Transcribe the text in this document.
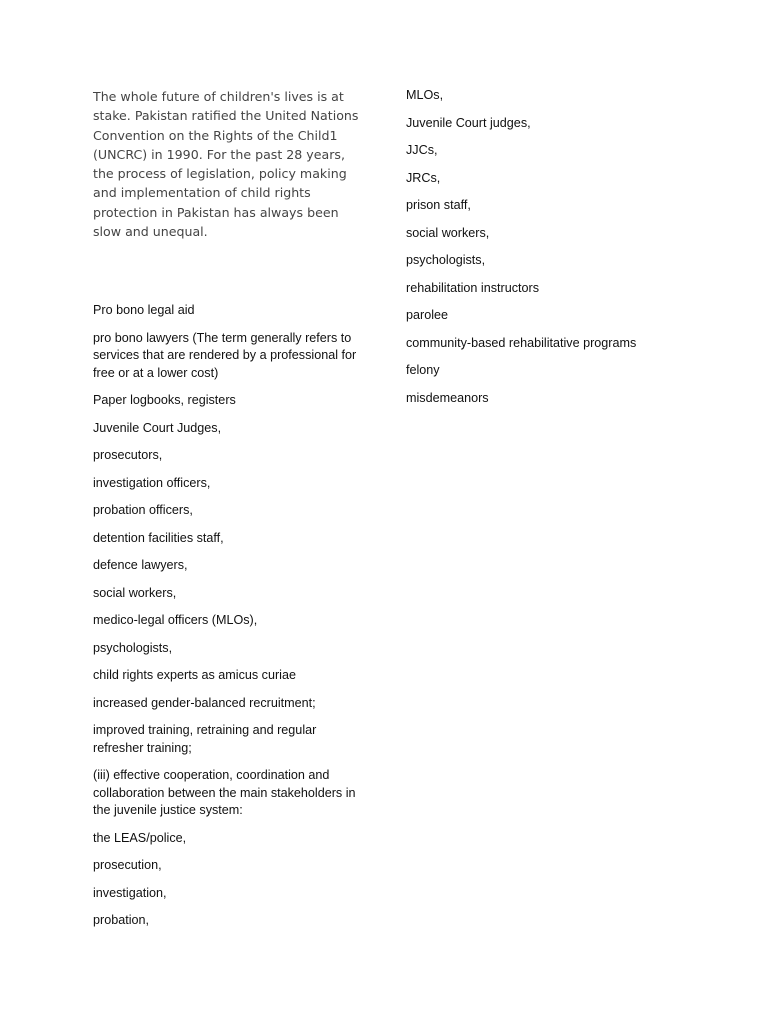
The whole future of children's lives is at stake. Pakistan ratified the United Nations Convention on the Rights of the Child1 (UNCRC) in 1990. For the past 28 years, the process of legislation, policy making and implementation of child rights protection in Pakistan has always been slow and unequal.

Pro bono legal aid
pro bono lawyers (The term generally refers to services that are rendered by a professional for free or at a lower cost)
Paper logbooks, registers
Juvenile Court Judges,
prosecutors,
investigation officers,
probation officers,
detention facilities staff,
defence lawyers,
social workers,
medico-legal officers (MLOs),
psychologists,
child rights experts as amicus curiae
increased gender-balanced recruitment;
improved training, retraining and regular refresher training;
(iii) effective cooperation, coordination and collaboration between the main stakeholders in the juvenile justice system:
the LEAS/police,
prosecution,
investigation,
probation,
MLOs,
Juvenile Court judges,
JJCs,
JRCs,
prison staff,
social workers,
psychologists,
rehabilitation instructors
parolee
community-based rehabilitative programs
felony
misdemeanors
